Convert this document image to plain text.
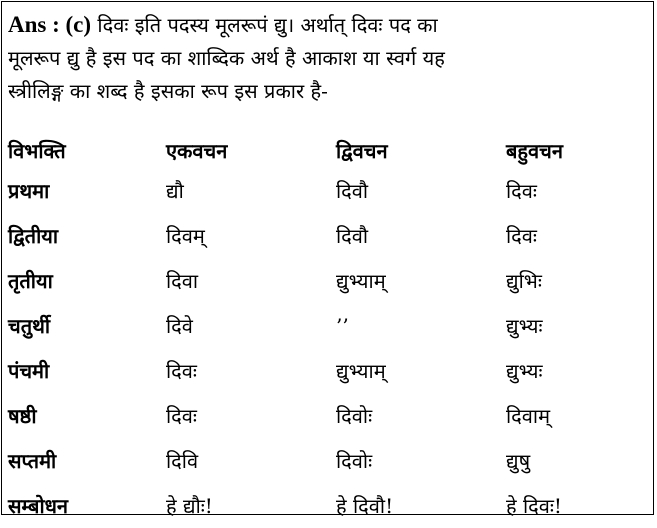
Ans : (c) दिवः इति पदस्य मूलरूपं द्यु। अर्थात् दिवः पद का
मूलरूप द्यु है इस पद का शाब्दिक अर्थ है आकाश या स्वर्ग यह
स्त्रीलिङ्ग का शब्द है इसका रूप इस प्रकार है-
विभक्ति	एकवचन	द्विवचन	बहुवचन
प्रथमा	द्यौ	दिवौ	दिवः
द्वितीया	दिवम्	दिवौ	दिवः
तृतीया	दिवा	द्युभ्याम्	द्युभिः
चतुर्थी	दिवे	’’	द्युभ्यः
पंचमी	दिवः	द्युभ्याम्	द्युभ्यः
षष्ठी	दिवः	दिवोः	दिवाम्
सप्तमी	दिवि	दिवोः	द्युषु
सम्बोधन	हे द्यौः!	हे दिवौ!	हे दिवः!
